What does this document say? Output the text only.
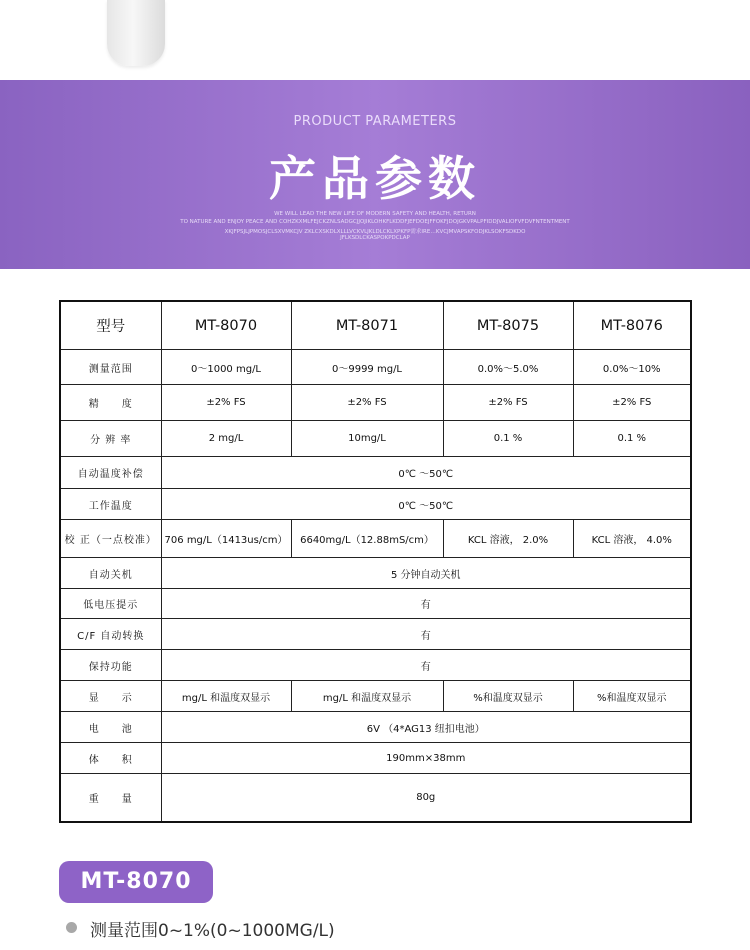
PRODUCT PARAMETERS
产品参数
WE WILL LEAD THE NEW LIFE OF MODERN SAFETY AND HEALTH, RETURN
TO NATURE AND ENJOY PEACE AND COHZKXMLFEJCKZNLSADGCJJOJIKLOHKFLKDDFJEFDOEJFFOKFJDOJGKVPALPFIDDJVALIOFVFDVFNTENTMENT
XKJFPSJLJPMOSJCLSXVMKCJV ZKLCXSKDLXLLLVCKVLJKLDLCKLXPKFP需求IRE…KVCJMVAPSKFODJKLSOKFSDKDO
JFLKSDLCKASPOKPDCLAP
型号	MT-8070	MT-8071	MT-8075	MT-8076
测量范围	0～1000 mg/L	0～9999 mg/L	0.0%～5.0%	0.0%～10%
精　　度	±2% FS	±2% FS	±2% FS	±2% FS
分 辨 率	2 mg/L	10mg/L	0.1 %	0.1 %
自动温度补偿	0℃ ～50℃			
工作温度	0℃ ～50℃			
校 正（一点校准）	706 mg/L（1413us/cm）	6640mg/L（12.88mS/cm）	KCL 溶液， 2.0%	KCL 溶液， 4.0%
自动关机	5 分钟自动关机			
低电压提示	有			
C/F 自动转换	有			
保持功能	有			
显　　示	mg/L 和温度双显示	mg/L 和温度双显示	%和温度双显示	%和温度双显示
电　　池	6V （4*AG13 纽扣电池）			
体　　积	190mm×38mm			
重　　量	80g			
MT-8070
测量范围0~1%(0~1000MG/L)
